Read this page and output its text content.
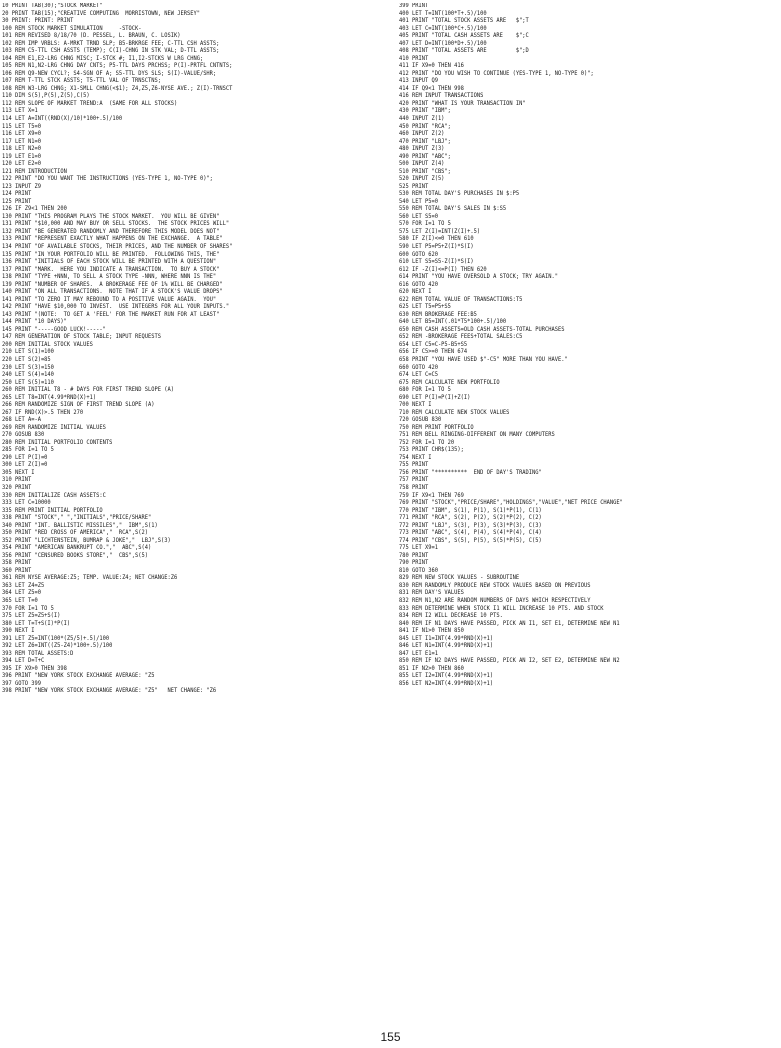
10 PRINT TAB(30);"STOCK MARKET"
20 PRINT TAB(15);"CREATIVE COMPUTING  MORRISTOWN, NEW JERSEY"
30 PRINT: PRINT: PRINT
100 REM STOCK MARKET SIMULATION     -STOCK-
101 REM REVISED 8/18/70 (D. PESSEL, L. BRAUN, C. LOSIK)
102 REM IMP VRBLS: A-MRKT TRND SLP; B5-BRKRGE FEE; C-TTL CSH ASSTS;
103 REM C5-TTL CSH ASSTS (TEMP); C(I)-CHNG IN STK VAL; D-TTL ASSTS;
104 REM E1,E2-LRG CHNG MISC; I-STCK #; I1,I2-STCKS W LRG CHNG;
105 REM N1,N2-LRG CHNG DAY CNTS; P5-TTL DAYS PRCHSS; P(I)-PRTFL CNTNTS;
106 REM Q9-NEW CYCL?; S4-SGN OF A; S5-TTL DYS SLS; S(I)-VALUE/SHR;
107 REM T-TTL STCK ASSTS; T5-TTL VAL OF TRNSCTNS;
108 REM W3-LRG CHNG; X1-SMLL CHNG(<$1); Z4,Z5,Z6-NYSE AVE.; Z(I)-TRNSCT
110 DIM S(5),P(5),Z(5),C(5)
112 REM SLOPE OF MARKET TREND:A  (SAME FOR ALL STOCKS)
113 LET X=1
114 LET A=INT((RND(X)/10)*100+.5)/100
115 LET T5=0
116 LET X9=0
117 LET N1=0
118 LET N2=0
119 LET E1=0
120 LET E2=0
121 REM INTRODUCTION
122 PRINT "DO YOU WANT THE INSTRUCTIONS (YES-TYPE 1, NO-TYPE 0)";
123 INPUT Z9
124 PRINT
125 PRINT
126 IF Z9<1 THEN 200
130 PRINT "THIS PROGRAM PLAYS THE STOCK MARKET.  YOU WILL BE GIVEN"
131 PRINT "$10,000 AND MAY BUY OR SELL STOCKS.  THE STOCK PRICES WILL"
132 PRINT "BE GENERATED RANDOMLY AND THEREFORE THIS MODEL DOES NOT"
133 PRINT "REPRESENT EXACTLY WHAT HAPPENS ON THE EXCHANGE.  A TABLE"
134 PRINT "OF AVAILABLE STOCKS, THEIR PRICES, AND THE NUMBER OF SHARES"
135 PRINT "IN YOUR PORTFOLIO WILL BE PRINTED.  FOLLOWING THIS, THE"
136 PRINT "INITIALS OF EACH STOCK WILL BE PRINTED WITH A QUESTION"
137 PRINT "MARK.  HERE YOU INDICATE A TRANSACTION.  TO BUY A STOCK"
138 PRINT "TYPE +NNN, TO SELL A STOCK TYPE -NNN, WHERE NNN IS THE"
139 PRINT "NUMBER OF SHARES.  A BROKERAGE FEE OF 1% WILL BE CHARGED"
140 PRINT "ON ALL TRANSACTIONS.  NOTE THAT IF A STOCK'S VALUE DROPS"
141 PRINT "TO ZERO IT MAY REBOUND TO A POSITIVE VALUE AGAIN.  YOU"
142 PRINT "HAVE $10,000 TO INVEST.  USE INTEGERS FOR ALL YOUR INPUTS."
143 PRINT "(NOTE:  TO GET A 'FEEL' FOR THE MARKET RUN FOR AT LEAST"
144 PRINT "10 DAYS)"
145 PRINT "-----GOOD LUCK!-----"
147 REM GENERATION OF STOCK TABLE; INPUT REQUESTS
200 REM INITIAL STOCK VALUES
210 LET S(1)=100
220 LET S(2)=85
230 LET S(3)=150
240 LET S(4)=140
250 LET S(5)=110
260 REM INITIAL T8 - # DAYS FOR FIRST TREND SLOPE (A)
265 LET T8=INT(4.99*RND(X)+1)
266 REM RANDOMIZE SIGN OF FIRST TREND SLOPE (A)
267 IF RND(X)>.5 THEN 270
268 LET A=-A
269 REM RANDOMIZE INITIAL VALUES
270 GOSUB 830
280 REM INITIAL PORTFOLIO CONTENTS
285 FOR I=1 TO 5
290 LET P(I)=0
300 LET Z(I)=0
305 NEXT I
310 PRINT
320 PRINT
330 REM INITIALIZE CASH ASSETS:C
333 LET C=10000
335 REM PRINT INITIAL PORTFOLIO
338 PRINT "STOCK"," ","INITIALS","PRICE/SHARE"
340 PRINT "INT. BALLISTIC MISSILES","  IBM",S(1)
350 PRINT "RED CROSS OF AMERICA","  RCA",S(2)
352 PRINT "LICHTENSTEIN, BUMRAP & JOKE","  LBJ",S(3)
354 PRINT "AMERICAN BANKRUPT CO.","  ABC",S(4)
356 PRINT "CENSURED BOOKS STORE","  CBS",S(5)
358 PRINT
360 PRINT
361 REM NYSE AVERAGE:Z5; TEMP. VALUE:Z4; NET CHANGE:Z6
363 LET Z4=Z5
364 LET Z5=0
365 LET T=0
370 FOR I=1 TO 5
375 LET Z5=Z5+S(I)
380 LET T=T+S(I)*P(I)
390 NEXT I
391 LET Z5=INT(100*(Z5/5)+.5)/100
392 LET Z6=INT((Z5-Z4)*100+.5)/100
393 REM TOTAL ASSETS:D
394 LET D=T+C
395 IF X9>0 THEN 398
396 PRINT "NEW YORK STOCK EXCHANGE AVERAGE: "Z5
397 GOTO 399
398 PRINT "NEW YORK STOCK EXCHANGE AVERAGE: "Z5"   NET CHANGE: "Z6
399 PRINT
400 LET T=INT(100*T+.5)/100
401 PRINT "TOTAL STOCK ASSETS ARE   $";T
403 LET C=INT(100*C+.5)/100
405 PRINT "TOTAL CASH ASSETS ARE    $";C
407 LET D=INT(100*D+.5)/100
408 PRINT "TOTAL ASSETS ARE         $";D
410 PRINT
411 IF X9=0 THEN 416
412 PRINT "DO YOU WISH TO CONTINUE (YES-TYPE 1, NO-TYPE 0)";
413 INPUT Q9
414 IF Q9<1 THEN 998
416 REM INPUT TRANSACTIONS
420 PRINT "WHAT IS YOUR TRANSACTION IN"
430 PRINT "IBM";
440 INPUT Z(1)
450 PRINT "RCA";
460 INPUT Z(2)
470 PRINT "LBJ";
480 INPUT Z(3)
490 PRINT "ABC";
500 INPUT Z(4)
510 PRINT "CBS";
520 INPUT Z(5)
525 PRINT
530 REM TOTAL DAY'S PURCHASES IN $:P5
540 LET P5=0
550 REM TOTAL DAY'S SALES IN $:S5
560 LET S5=0
570 FOR I=1 TO 5
575 LET Z(I)=INT(Z(I)+.5)
580 IF Z(I)<=0 THEN 610
590 LET P5=P5+Z(I)*S(I)
600 GOTO 620
610 LET S5=S5-Z(I)*S(I)
612 IF -Z(I)<=P(I) THEN 620
614 PRINT "YOU HAVE OVERSOLD A STOCK; TRY AGAIN."
616 GOTO 420
620 NEXT I
622 REM TOTAL VALUE OF TRANSACTIONS:T5
625 LET T5=P5+S5
630 REM BROKERAGE FEE:B5
640 LET B5=INT(.01*T5*100+.5)/100
650 REM CASH ASSETS=OLD CASH ASSETS-TOTAL PURCHASES
652 REM -BROKERAGE FEES+TOTAL SALES:C5
654 LET C5=C-P5-B5+S5
656 IF C5>=0 THEN 674
658 PRINT "YOU HAVE USED $"-C5" MORE THAN YOU HAVE."
660 GOTO 420
674 LET C=C5
675 REM CALCULATE NEW PORTFOLIO
680 FOR I=1 TO 5
690 LET P(I)=P(I)+Z(I)
700 NEXT I
710 REM CALCULATE NEW STOCK VALUES
720 GOSUB 830
750 REM PRINT PORTFOLIO
751 REM BELL RINGING-DIFFERENT ON MANY COMPUTERS
752 FOR I=1 TO 20
753 PRINT CHR$(135);
754 NEXT I
755 PRINT
756 PRINT "**********  END OF DAY'S TRADING"
757 PRINT
758 PRINT
759 IF X9<1 THEN 769
769 PRINT "STOCK","PRICE/SHARE","HOLDINGS","VALUE","NET PRICE CHANGE"
770 PRINT "IBM", S(1), P(1), S(1)*P(1), C(1)
771 PRINT "RCA", S(2), P(2), S(2)*P(2), C(2)
772 PRINT "LBJ", S(3), P(3), S(3)*P(3), C(3)
773 PRINT "ABC", S(4), P(4), S(4)*P(4), C(4)
774 PRINT "CBS", S(5), P(5), S(5)*P(5), C(5)
775 LET X9=1
780 PRINT
790 PRINT
810 GOTO 360
829 REM NEW STOCK VALUES - SUBROUTINE
830 REM RANDOMLY PRODUCE NEW STOCK VALUES BASED ON PREVIOUS
831 REM DAY'S VALUES
832 REM N1,N2 ARE RANDOM NUMBERS OF DAYS WHICH RESPECTIVELY
833 REM DETERMINE WHEN STOCK I1 WILL INCREASE 10 PTS. AND STOCK
834 REM I2 WILL DECREASE 10 PTS.
840 REM IF N1 DAYS HAVE PASSED, PICK AN I1, SET E1, DETERMINE NEW N1
841 IF N1>0 THEN 850
845 LET I1=INT(4.99*RND(X)+1)
846 LET N1=INT(4.99*RND(X)+1)
847 LET E1=1
850 REM IF N2 DAYS HAVE PASSED, PICK AN I2, SET E2, DETERMINE NEW N2
851 IF N2>0 THEN 860
855 LET I2=INT(4.99*RND(X)+1)
856 LET N2=INT(4.99*RND(X)+1)
155
